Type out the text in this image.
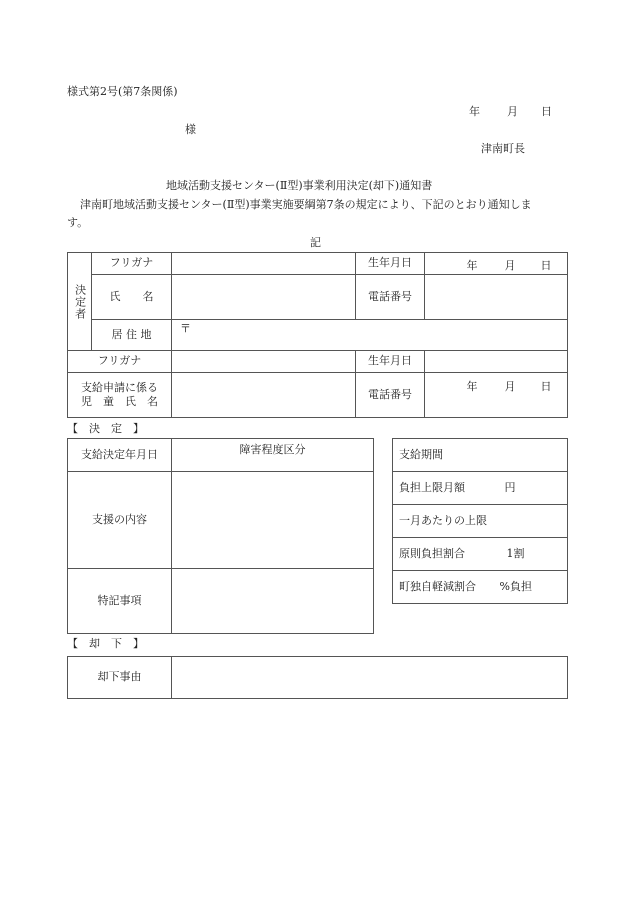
様式第2号(第7条関係)
年 月 日
様
津南町長
地域活動支援センター(Ⅱ型)事業利用決定(却下)通知書
津南町地域活動支援センター(Ⅱ型)事業実施要綱第7条の規定により、下記のとおり通知しま
す。
記
決定者	フリガナ		生年月日	年 月 日

	氏　　名		電話番号	
	居 住 地	〒		
フリガナ			生年月日	年 月 日

支給申請に係る
児　童　氏　名			電話番号	
【　決　定　】
支給決定年月日	障害程度区分
支援の内容	
特記事項	
支給期間
負担上限月額	円
一月あたりの上限
原則負担割合	1割
町独自軽減割合 %負担
【　却　下　】
却下事由	
